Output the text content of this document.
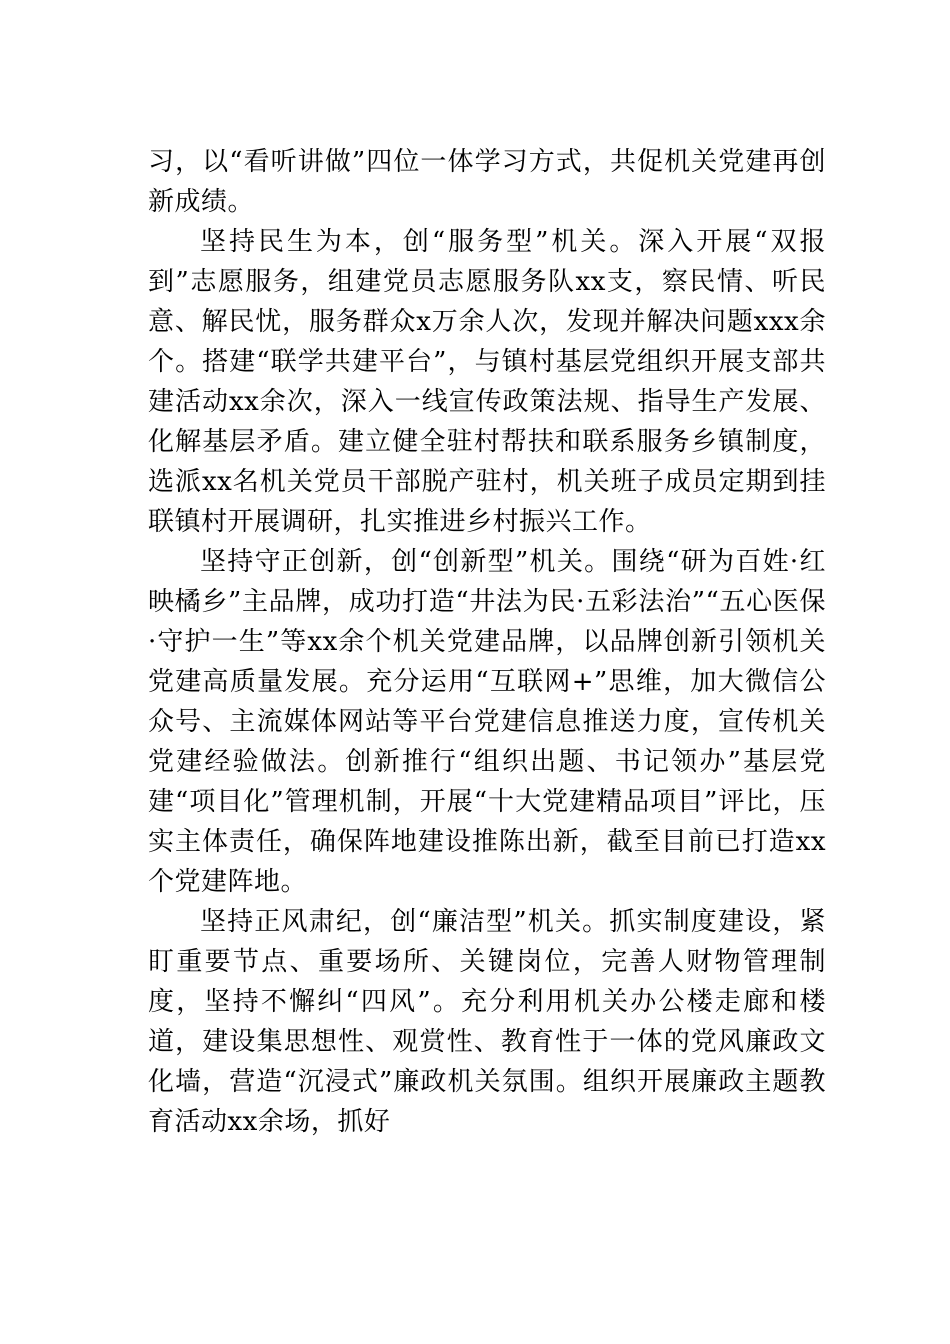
习，以“看听讲做”四位一体学习方式，共促机关党建再创新成绩。

坚持民生为本，创“服务型”机关。深入开展“双报到”志愿服务，组建党员志愿服务队xx支，察民情、听民意、解民忧，服务群众x万余人次，发现并解决问题xxx余个。搭建“联学共建平台”，与镇村基层党组织开展支部共建活动xx余次，深入一线宣传政策法规、指导生产发展、化解基层矛盾。建立健全驻村帮扶和联系服务乡镇制度，选派xx名机关党员干部脱产驻村，机关班子成员定期到挂联镇村开展调研，扎实推进乡村振兴工作。

坚持守正创新，创“创新型”机关。围绕“研为百姓·红映橘乡”主品牌，成功打造“井法为民·五彩法治”“五心医保·守护一生”等xx余个机关党建品牌，以品牌创新引领机关党建高质量发展。充分运用“互联网+”思维，加大微信公众号、主流媒体网站等平台党建信息推送力度，宣传机关党建经验做法。创新推行“组织出题、书记领办”基层党建“项目化”管理机制，开展“十大党建精品项目”评比，压实主体责任，确保阵地建设推陈出新，截至目前已打造xx个党建阵地。

坚持正风肃纪，创“廉洁型”机关。抓实制度建设，紧盯重要节点、重要场所、关键岗位，完善人财物管理制度，坚持不懈纠“四风”。充分利用机关办公楼走廊和楼道，建设集思想性、观赏性、教育性于一体的党风廉政文化墙，营造“沉浸式”廉政机关氛围。组织开展廉政主题教育活动xx余场，抓好
